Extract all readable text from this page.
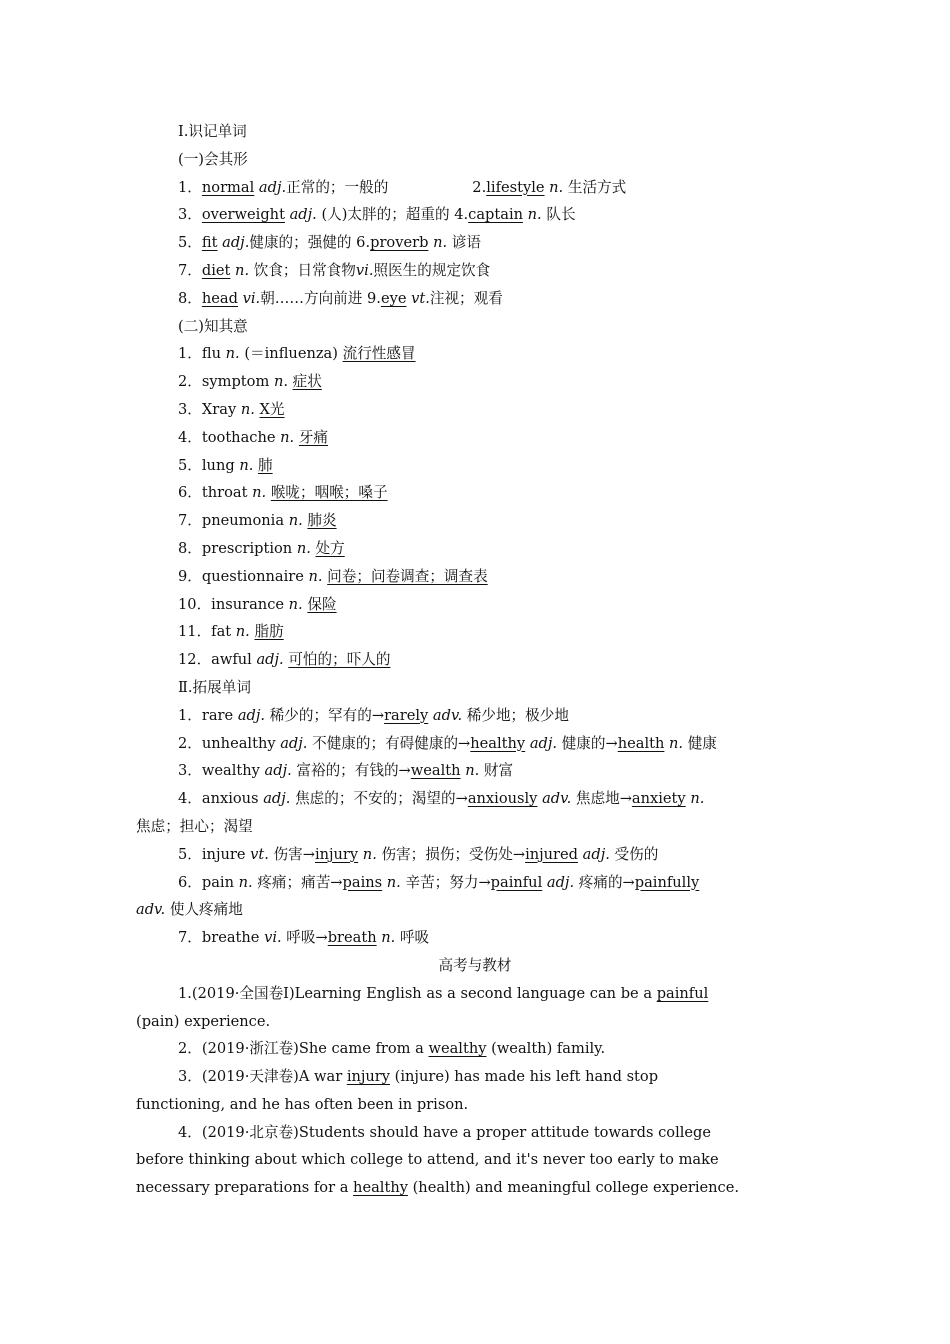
Ⅰ.识记单词
(一)会其形
1．normal adj.正常的；一般的	2.lifestyle n. 生活方式
3．overweight adj. (人)太胖的；超重的 4.captain n. 队长
5．fit adj.健康的；强健的 6.proverb n. 谚语
7．diet n. 饮食；日常食物vi.照医生的规定饮食
8．head vi.朝……方向前进 9.eye vt.注视；观看
(二)知其意
1．flu n. (＝influenza) 流行性感冒
2．symptom n. 症状
3．Xray n. X光
4．toothache n. 牙痛
5．lung n. 肺
6．throat n. 喉咙；咽喉；嗓子
7．pneumonia n. 肺炎
8．prescription n. 处方
9．questionnaire n. 问卷；问卷调查；调查表
10．insurance n. 保险
11．fat n. 脂肪
12．awful adj. 可怕的；吓人的
Ⅱ.拓展单词
1．rare adj. 稀少的；罕有的→rarely adv. 稀少地；极少地
2．unhealthy adj. 不健康的；有碍健康的→healthy adj. 健康的→health n. 健康
3．wealthy adj. 富裕的；有钱的→wealth n. 财富
4．anxious adj. 焦虑的；不安的；渴望的→anxiously adv. 焦虑地→anxiety n.
焦虑；担心；渴望
5．injure vt. 伤害→injury n. 伤害；损伤；受伤处→injured adj. 受伤的
6．pain n. 疼痛；痛苦→pains n. 辛苦；努力→painful adj. 疼痛的→painfully
adv. 使人疼痛地
7．breathe vi. 呼吸→breath n. 呼吸
高考与教材
1.(2019·全国卷Ⅰ)Learning English as a second language can be a painful
(pain) experience.
2．(2019·浙江卷)She came from a wealthy (wealth) family.
3．(2019·天津卷)A war injury (injure) has made his left hand stop
functioning, and he has often been in prison.
4．(2019·北京卷)Students should have a proper attitude towards college
before thinking about which college to attend, and it's never too early to make
necessary preparations for a healthy (health) and meaningful college experience.
